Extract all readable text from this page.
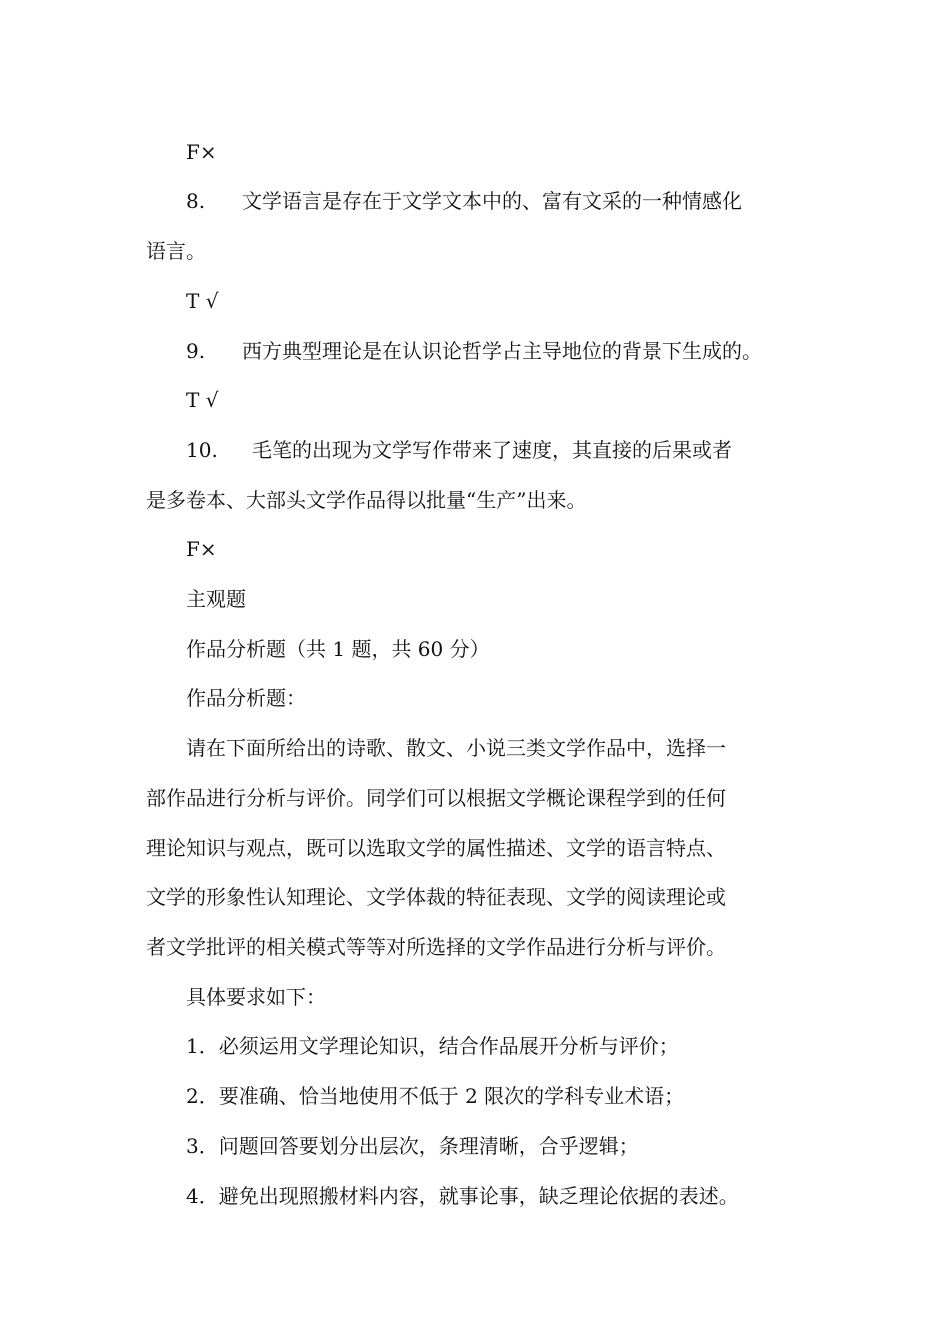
F×
8. 文学语言是存在于文学文本中的、富有文采的一种情感化
语言。
T √
9. 西方典型理论是在认识论哲学占主导地位的背景下生成的。
T √
10. 毛笔的出现为文学写作带来了速度，其直接的后果或者
是多卷本、大部头文学作品得以批量“生产”出来。
F×
主观题
作品分析题（共 1 题，共 60 分）
作品分析题：
请在下面所给出的诗歌、散文、小说三类文学作品中，选择一
部作品进行分析与评价。同学们可以根据文学概论课程学到的任何
理论知识与观点，既可以选取文学的属性描述、文学的语言特点、
文学的形象性认知理论、文学体裁的特征表现、文学的阅读理论或
者文学批评的相关模式等等对所选择的文学作品进行分析与评价。
具体要求如下：
1．必须运用文学理论知识，结合作品展开分析与评价；
2．要准确、恰当地使用不低于 2 限次的学科专业术语；
3．问题回答要划分出层次，条理清晰，合乎逻辑；
4．避免出现照搬材料内容，就事论事，缺乏理论依据的表述。
